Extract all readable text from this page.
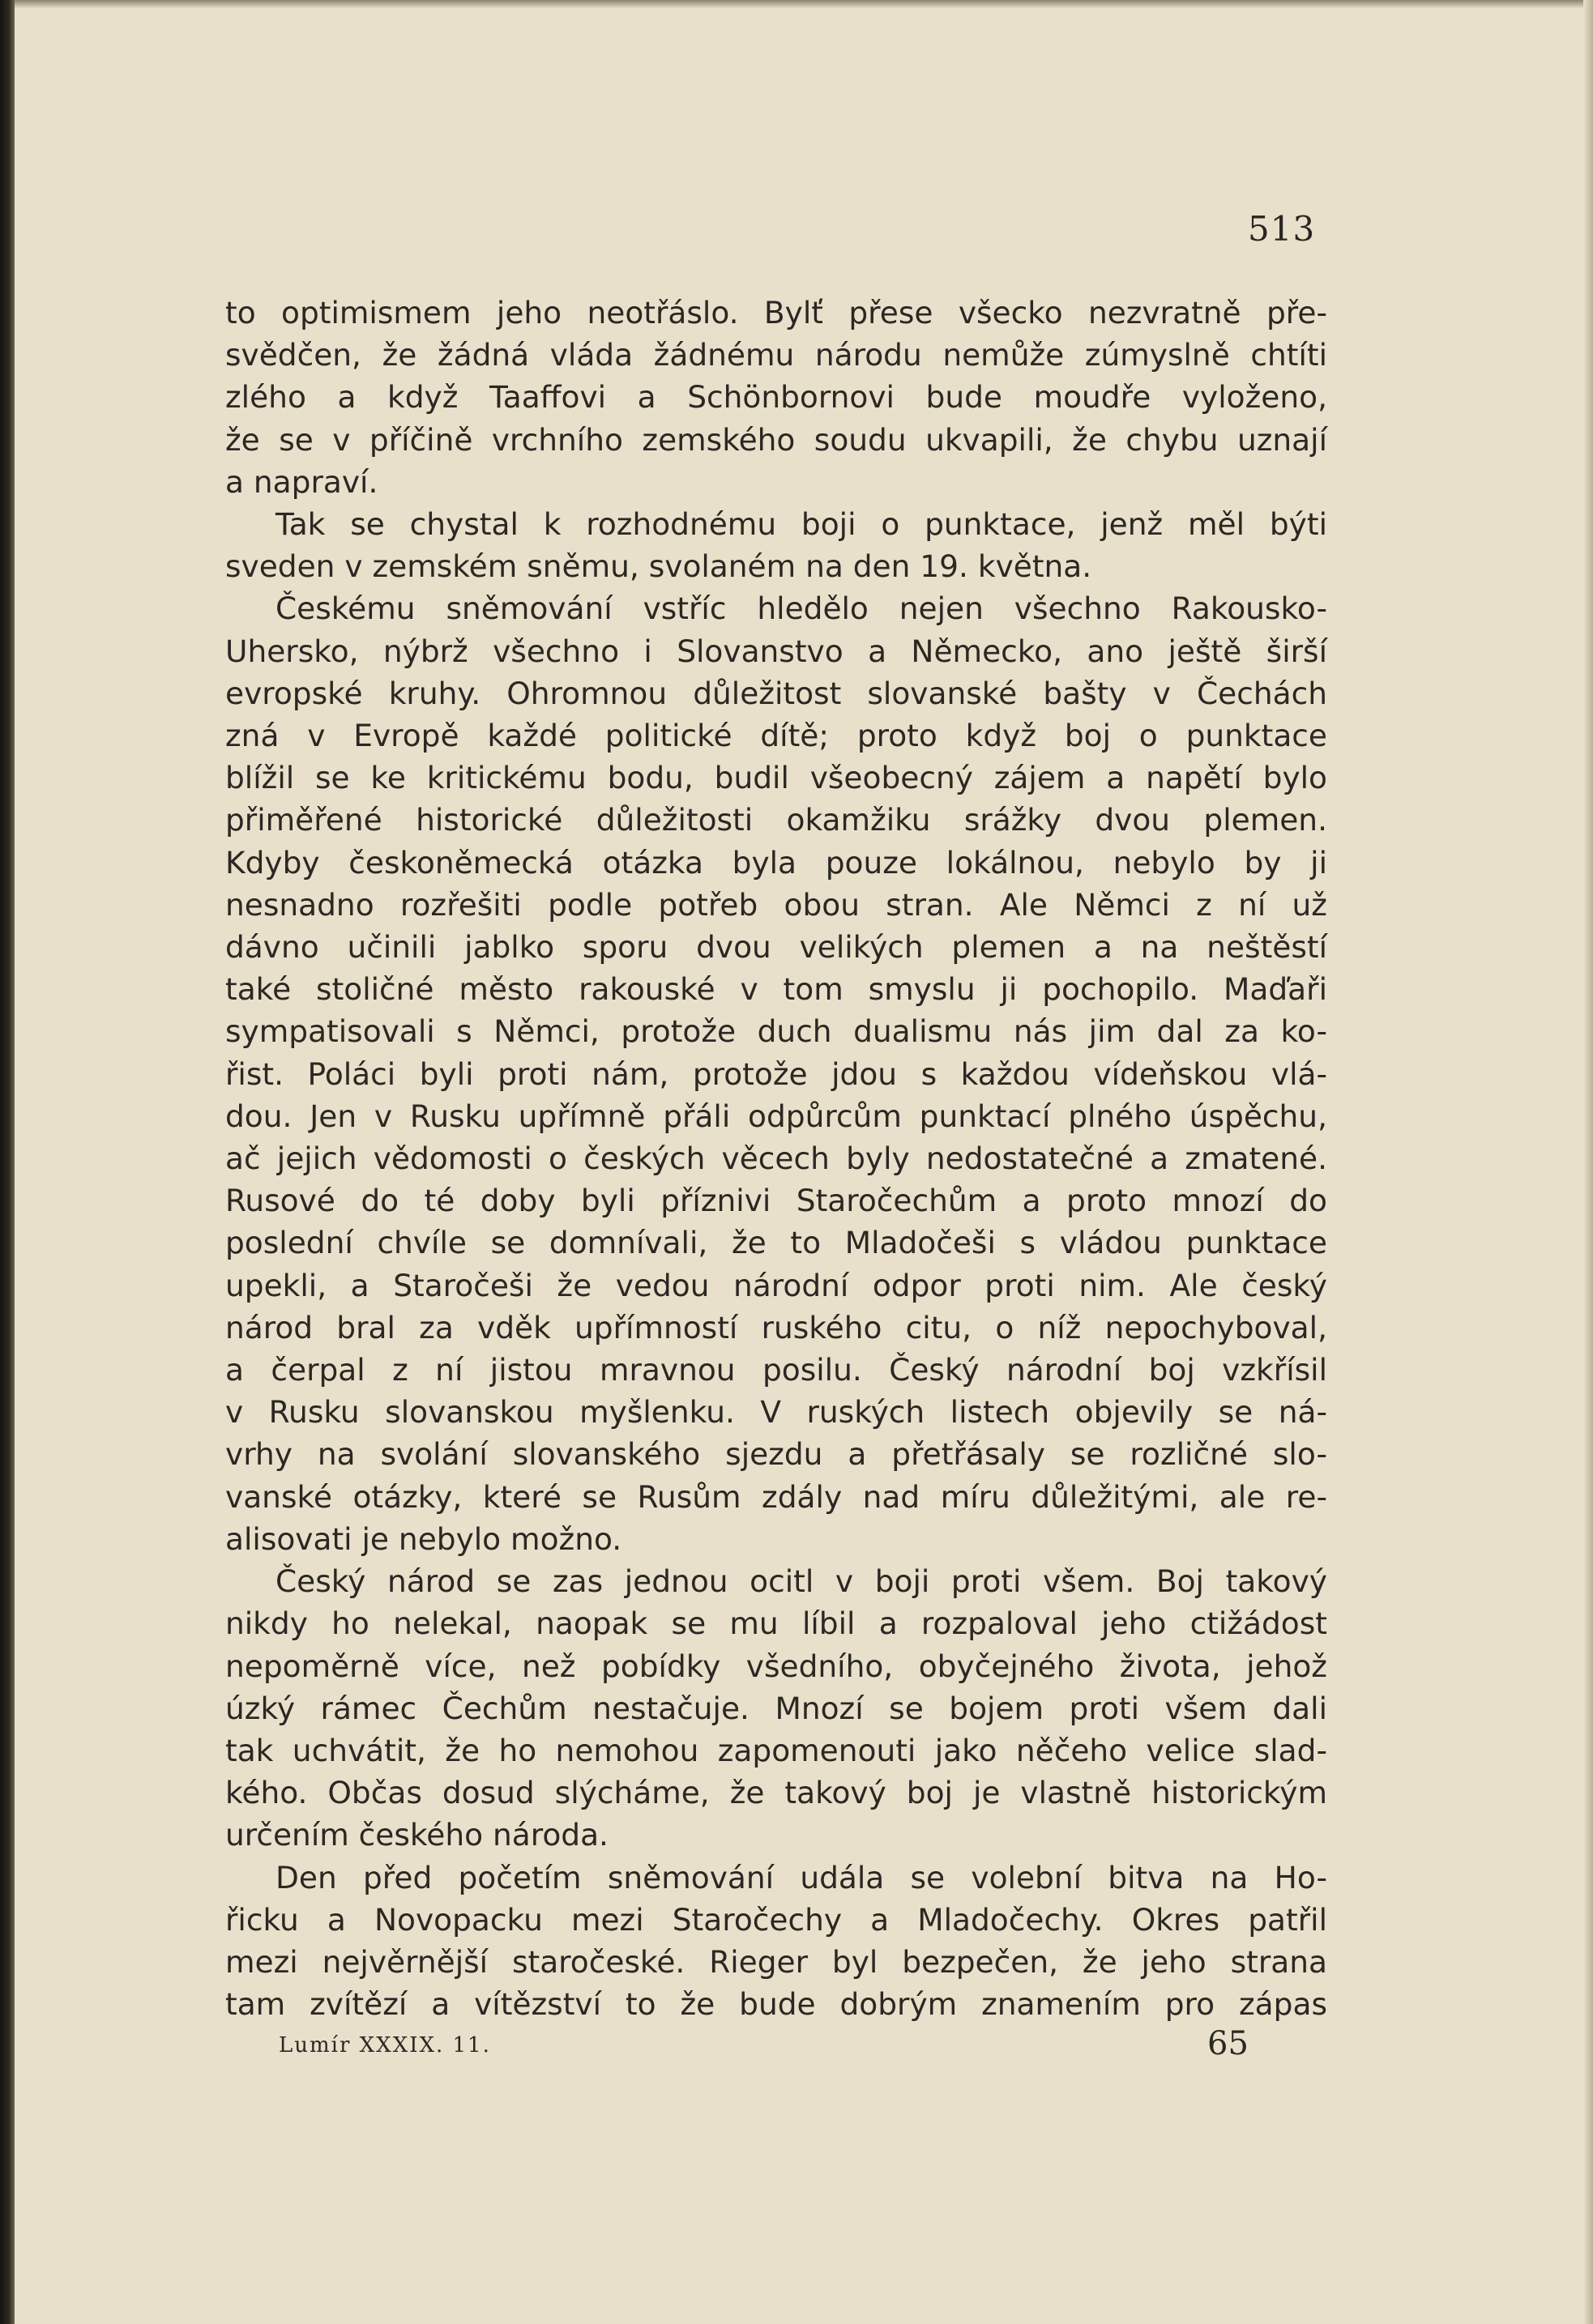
513
to optimismem jeho neotřáslo. Bylť přese všecko nezvratně pře-
svědčen, že žádná vláda žádnému národu nemůže zúmyslně chtíti
zlého a když Taaffovi a Schönbornovi bude moudře vyloženo,
že se v příčině vrchního zemského soudu ukvapili, že chybu uznají
a napraví.
Tak se chystal k rozhodnému boji o punktace, jenž měl býti
sveden v zemském sněmu, svolaném na den 19. května.
Českému sněmování vstříc hledělo nejen všechno Rakousko-
Uhersko, nýbrž všechno i Slovanstvo a Německo, ano ještě širší
evropské kruhy. Ohromnou důležitost slovanské bašty v Čechách
zná v Evropě každé politické dítě; proto když boj o punktace
blížil se ke kritickému bodu, budil všeobecný zájem a napětí bylo
přiměřené historické důležitosti okamžiku srážky dvou plemen.
Kdyby českoněmecká otázka byla pouze lokálnou, nebylo by ji
nesnadno rozřešiti podle potřeb obou stran. Ale Němci z ní už
dávno učinili jablko sporu dvou velikých plemen a na neštěstí
také stoličné město rakouské v tom smyslu ji pochopilo. Maďaři
sympatisovali s Němci, protože duch dualismu nás jim dal za ko-
řist. Poláci byli proti nám, protože jdou s každou vídeňskou vlá-
dou. Jen v Rusku upřímně přáli odpůrcům punktací plného úspěchu,
ač jejich vědomosti o českých věcech byly nedostatečné a zmatené.
Rusové do té doby byli příznivi Staročechům a proto mnozí do
poslední chvíle se domnívali, že to Mladočeši s vládou punktace
upekli, a Staročeši že vedou národní odpor proti nim. Ale český
národ bral za vděk upřímností ruského citu, o níž nepochyboval,
a čerpal z ní jistou mravnou posilu. Český národní boj vzkřísil
v Rusku slovanskou myšlenku. V ruských listech objevily se ná-
vrhy na svolání slovanského sjezdu a přetřásaly se rozličné slo-
vanské otázky, které se Rusům zdály nad míru důležitými, ale re-
alisovati je nebylo možno.
Český národ se zas jednou ocitl v boji proti všem. Boj takový
nikdy ho nelekal, naopak se mu líbil a rozpaloval jeho ctižádost
nepoměrně více, než pobídky všedního, obyčejného života, jehož
úzký rámec Čechům nestačuje. Mnozí se bojem proti všem dali
tak uchvátit, že ho nemohou zapomenouti jako něčeho velice slad-
kého. Občas dosud slýcháme, že takový boj je vlastně historickým
určením českého národa.
Den před početím sněmování udála se volební bitva na Ho-
řicku a Novopacku mezi Staročechy a Mladočechy. Okres patřil
mezi nejvěrnější staročeské. Rieger byl bezpečen, že jeho strana
tam zvítězí a vítězství to že bude dobrým znamením pro zápas
Lumír XXXIX. 11.	65
